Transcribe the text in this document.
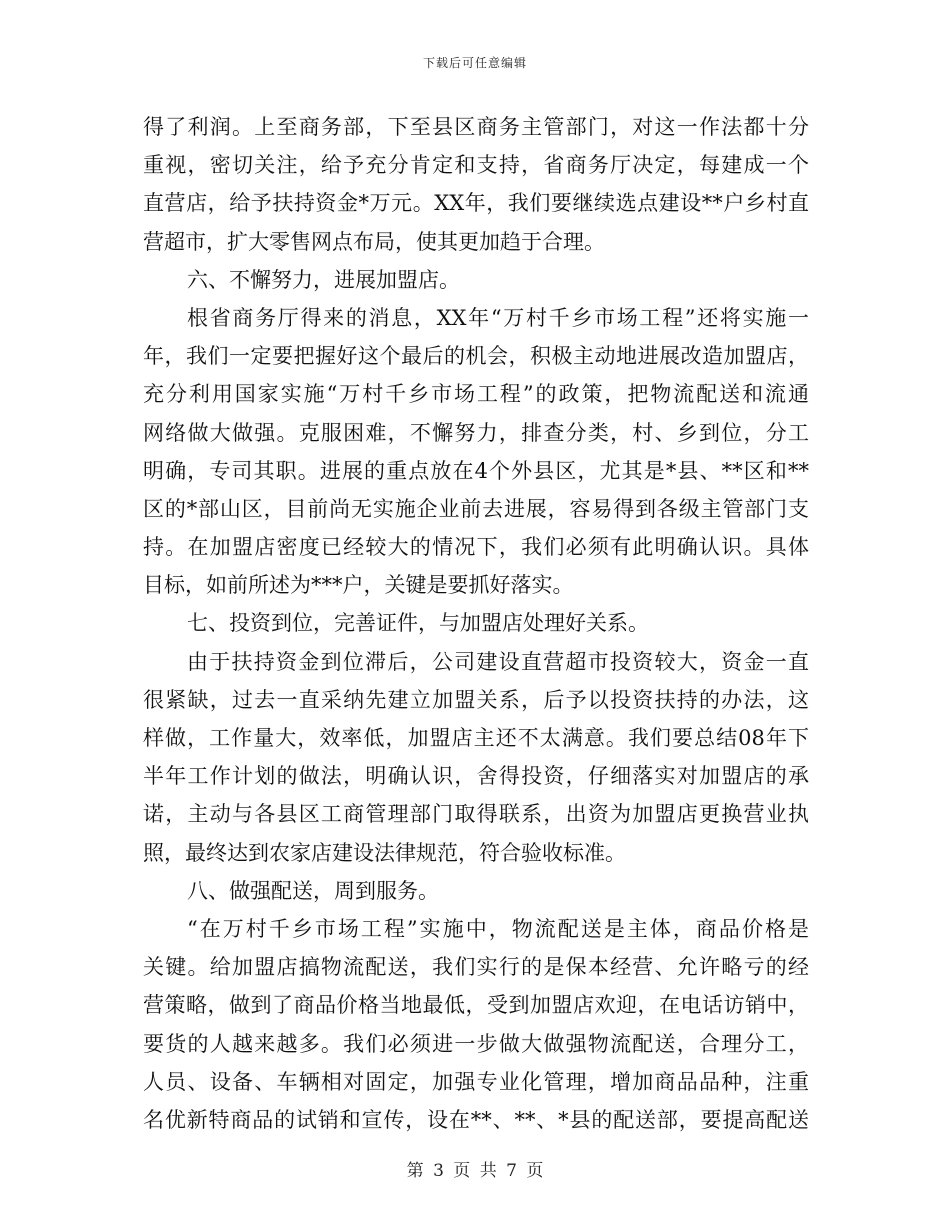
下载后可任意编辑
得了利润。上至商务部，下至县区商务主管部门，对这一作法都十分
重视，密切关注，给予充分肯定和支持，省商务厅决定，每建成一个
直营店，给予扶持资金*万元。XX年，我们要继续选点建设**户乡村直
营超市，扩大零售网点布局，使其更加趋于合理。
六、不懈努力，进展加盟店。
根省商务厅得来的消息，XX年“万村千乡市场工程”还将实施一
年，我们一定要把握好这个最后的机会，积极主动地进展改造加盟店，
充分利用国家实施“万村千乡市场工程”的政策，把物流配送和流通
网络做大做强。克服困难，不懈努力，排查分类，村、乡到位，分工
明确，专司其职。进展的重点放在4个外县区，尤其是*县、**区和**
区的*部山区，目前尚无实施企业前去进展，容易得到各级主管部门支
持。在加盟店密度已经较大的情况下，我们必须有此明确认识。具体
目标，如前所述为***户，关键是要抓好落实。
七、投资到位，完善证件，与加盟店处理好关系。
由于扶持资金到位滞后，公司建设直营超市投资较大，资金一直
很紧缺，过去一直采纳先建立加盟关系，后予以投资扶持的办法，这
样做，工作量大，效率低，加盟店主还不太满意。我们要总结08年下
半年工作计划的做法，明确认识，舍得投资，仔细落实对加盟店的承
诺，主动与各县区工商管理部门取得联系，出资为加盟店更换营业执
照，最终达到农家店建设法律规范，符合验收标准。
八、做强配送，周到服务。
“在万村千乡市场工程”实施中，物流配送是主体，商品价格是
关键。给加盟店搞物流配送，我们实行的是保本经营、允许略亏的经
营策略，做到了商品价格当地最低，受到加盟店欢迎，在电话访销中，
要货的人越来越多。我们必须进一步做大做强物流配送，合理分工，
人员、设备、车辆相对固定，加强专业化管理，增加商品品种，注重
名优新特商品的试销和宣传，设在**、**、*县的配送部，要提高配送
第 3 页 共 7 页
